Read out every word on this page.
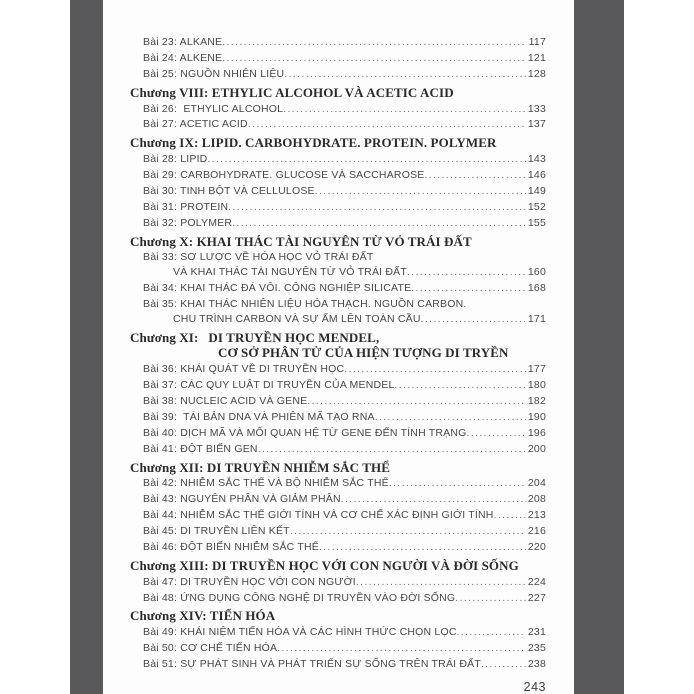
Bài 23: ALKANE .....	117
Bài 24: ALKENE .....	121
Bài 25: NGUỒN NHIÊN LIỆU .....	128
Chương VIII: ETHYLIC ALCOHOL VÀ ACETIC ACID
Bài 26:  ETHYLIC ALCOHOL .....	133
Bài 27: ACETIC ACID .....	137
Chương IX: LIPID. CARBOHYDRATE. PROTEIN. POLYMER
Bài 28: LIPID .....	143
Bài 29: CARBOHYDRATE. GLUCOSE VÀ SACCHAROSE .....	146
Bài 30: TINH BỘT VÀ CELLULOSE .....	149
Bài 31: PROTEIN .....	152
Bài 32: POLYMER .....	155
Chương X: KHAI THÁC TÀI NGUYÊN TỪ VỎ TRÁI ĐẤT
Bài 33: SƠ LƯỢC VỀ HÓA HỌC VỎ TRÁI ĐẤT
VÀ KHAI THÁC TÀI NGUYÊN TỪ VỎ TRÁI ĐẤT .....	160
Bài 34: KHAI THÁC ĐÁ VÔI. CÔNG NGHIỆP SILICATE .....	168
Bài 35: KHAI THÁC NHIÊN LIỆU HÓA THẠCH. NGUỒN CARBON.
CHU TRÌNH CARBON VÀ SỰ ẤM LÊN TOÀN CẦU .....	171
Chương XI:   DI TRUYỀN HỌC MENDEL,
CƠ SỞ PHÂN TỬ CỦA HIỆN TƯỢNG DI TRYỀN
Bài 36: KHÁI QUÁT VỀ DI TRUYỀN HỌC .....	177
Bài 37: CÁC QUY LUẬT DI TRUYỀN CỦA MENDEL .....	180
Bài 38: NUCLEIC ACID VÀ GENE .....	182
Bài 39:  TÁI BẢN DNA VÀ PHIÊN MÃ TẠO RNA .....	190
Bài 40: DỊCH MÃ VÀ MỐI QUAN HỆ TỪ GENE ĐẾN TÍNH TRẠNG .....	196
Bài 41: ĐỘT BIẾN GEN .....	200
Chương XII: DI TRUYỀN NHIỄM SẮC THỂ
Bài 42: NHIỄM SẮC THỂ VÀ BỘ NHIỄM SẮC THỂ .....	204
Bài 43: NGUYÊN PHÂN VÀ GIẢM PHÂN .....	208
Bài 44: NHIỄM SẮC THỂ GIỚI TÍNH VÀ CƠ CHẾ XÁC ĐỊNH GIỚI TÍNH .....	213
Bài 45: DI TRUYỀN LIÊN KẾT .....	216
Bài 46: ĐỘT BIẾN NHIỄM SẮC THỂ .....	220
Chương XIII: DI TRUYỀN HỌC VỚI CON NGƯỜI VÀ ĐỜI SỐNG
Bài 47: DI TRUYỀN HỌC VỚI CON NGƯỜI .....	224
Bài 48: ỨNG DỤNG CÔNG NGHỆ DI TRUYỀN VÀO ĐỜI SỐNG .....	227
Chương XIV: TIẾN HÓA
Bài 49: KHÁI NIỆM TIẾN HÓA VÀ CÁC HÌNH THỨC CHỌN LỌC .....	231
Bài 50: CƠ CHẾ TIẾN HÓA .....	235
Bài 51: SỰ PHÁT SINH VÀ PHÁT TRIỂN SỰ SỐNG TRÊN TRÁI ĐẤT .....	238
243
